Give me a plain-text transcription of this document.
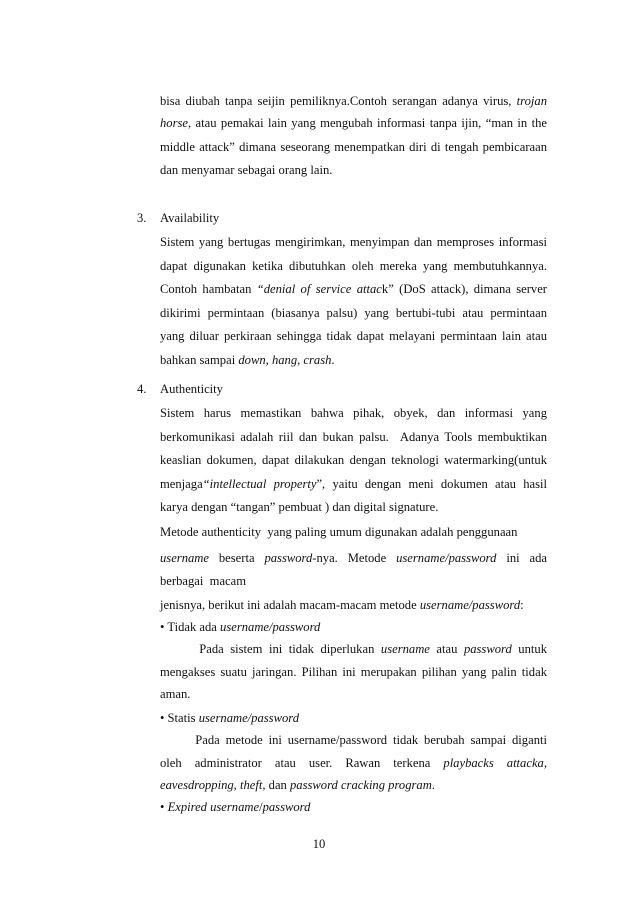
bisa diubah tanpa seijin pemiliknya.Contoh serangan adanya virus, trojan
horse, atau pemakai lain yang mengubah informasi tanpa ijin, “man in the
middle attack” dimana seseorang menempatkan diri di tengah pembicaraan
dan menyamar sebagai orang lain.
3. Availability
Sistem yang bertugas mengirimkan, menyimpan dan memproses informasi
dapat digunakan ketika dibutuhkan oleh mereka yang membutuhkannya.
Contoh hambatan “denial of service attack” (DoS attack), dimana server
dikirimi permintaan (biasanya palsu) yang bertubi-tubi atau permintaan
yang diluar perkiraan sehingga tidak dapat melayani permintaan lain atau
bahkan sampai down, hang, crash.
4. Authenticity
Sistem harus memastikan bahwa pihak, obyek, dan informasi yang
berkomunikasi adalah riil dan bukan palsu.  Adanya Tools membuktikan
keaslian dokumen, dapat dilakukan dengan teknologi watermarking(untuk
menjaga“intellectual property”, yaitu dengan meni dokumen atau hasil
karya dengan “tangan” pembuat ) dan digital signature.
Metode authenticity  yang paling umum digunakan adalah penggunaan
username beserta password-nya. Metode username/password ini ada
berbagai  macam
jenisnya, berikut ini adalah macam-macam metode username/password:
• Tidak ada username/password
Pada sistem ini tidak diperlukan username atau password untuk
mengakses suatu jaringan. Pilihan ini merupakan pilihan yang palin tidak
aman.
• Statis username/password
Pada metode ini username/password tidak berubah sampai diganti
oleh administrator atau user. Rawan terkena playbacks attacka,
eavesdropping, theft, dan password cracking program.
• Expired username/password
10
